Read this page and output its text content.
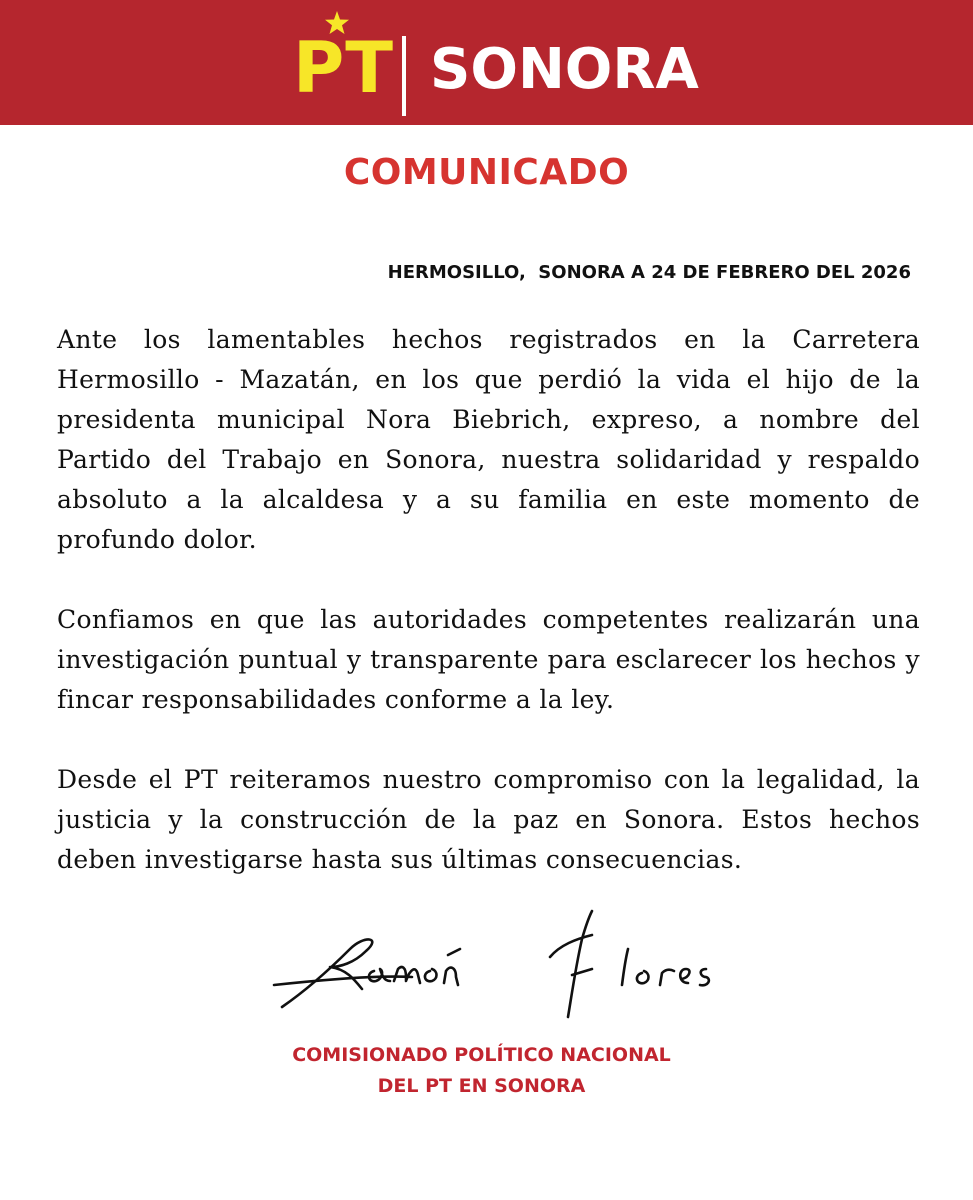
PT SONORA
COMUNICADO
HERMOSILLO,  SONORA A 24 DE FEBRERO DEL 2026

Ante los lamentables hechos registrados en la Carretera Hermosillo - Mazatán, en los que perdió la vida el hijo de la presidenta municipal Nora Biebrich, expreso, a nombre del Partido del Trabajo en Sonora, nuestra solidaridad y respaldo absoluto a la alcaldesa y a su familia en este momento de profundo dolor.

Confiamos en que las autoridades competentes realizarán una investigación puntual y transparente para esclarecer los hechos y fincar responsabilidades conforme a la ley.

Desde el PT reiteramos nuestro compromiso con la legalidad, la justicia y la construcción de la paz en Sonora. Estos hechos deben investigarse hasta sus últimas consecuencias.

COMISIONADO POLÍTICO NACIONAL
DEL PT EN SONORA
